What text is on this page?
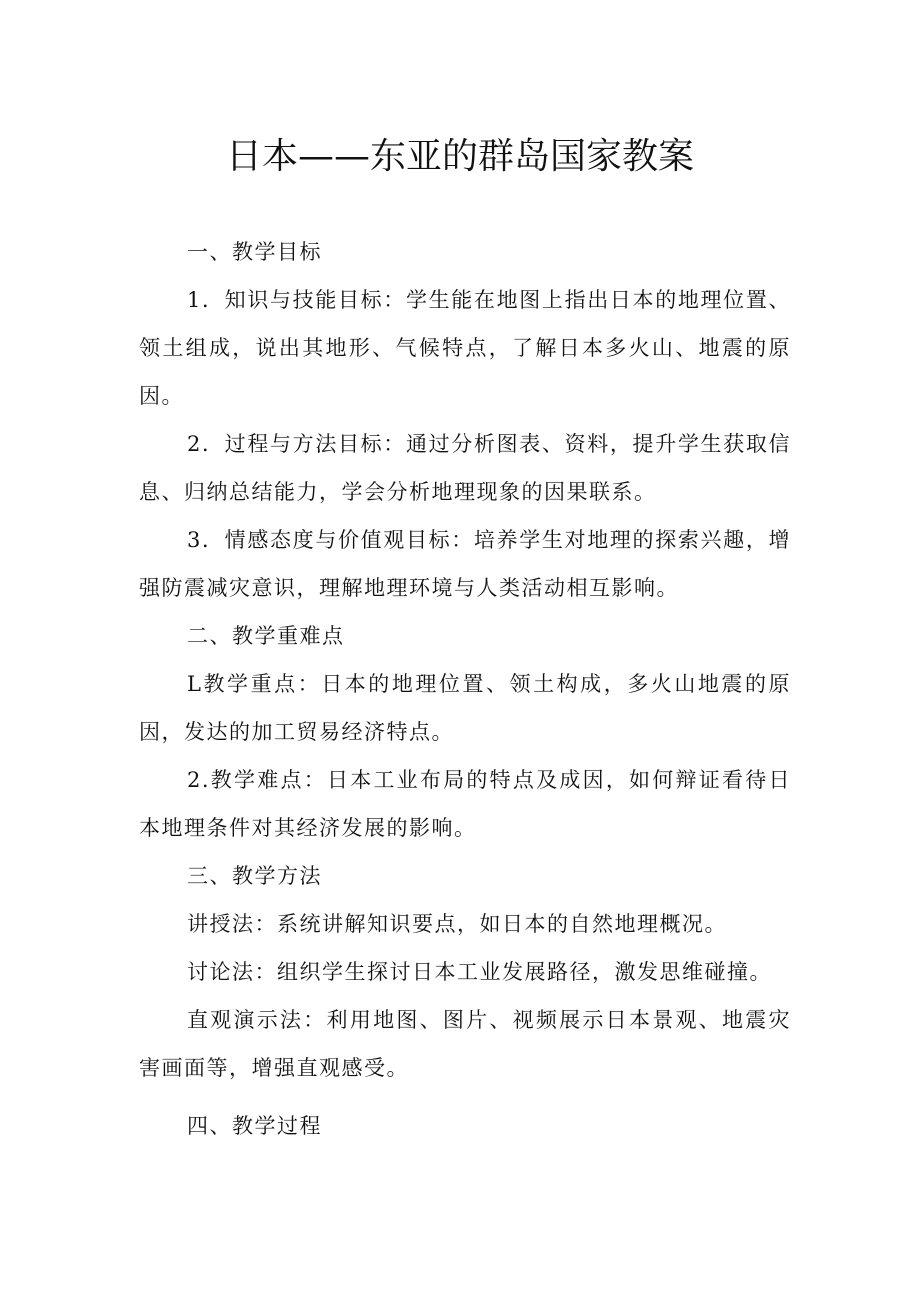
日本——东亚的群岛国家教案

一、教学目标

1．知识与技能目标：学生能在地图上指出日本的地理位置、领土组成，说出其地形、气候特点，了解日本多火山、地震的原因。

2．过程与方法目标：通过分析图表、资料，提升学生获取信息、归纳总结能力，学会分析地理现象的因果联系。

3．情感态度与价值观目标：培养学生对地理的探索兴趣，增强防震减灾意识，理解地理环境与人类活动相互影响。

二、教学重难点

L教学重点：日本的地理位置、领土构成，多火山地震的原因，发达的加工贸易经济特点。

2.教学难点：日本工业布局的特点及成因，如何辩证看待日本地理条件对其经济发展的影响。

三、教学方法

讲授法：系统讲解知识要点，如日本的自然地理概况。

讨论法：组织学生探讨日本工业发展路径，激发思维碰撞。

直观演示法：利用地图、图片、视频展示日本景观、地震灾害画面等，增强直观感受。

四、教学过程
